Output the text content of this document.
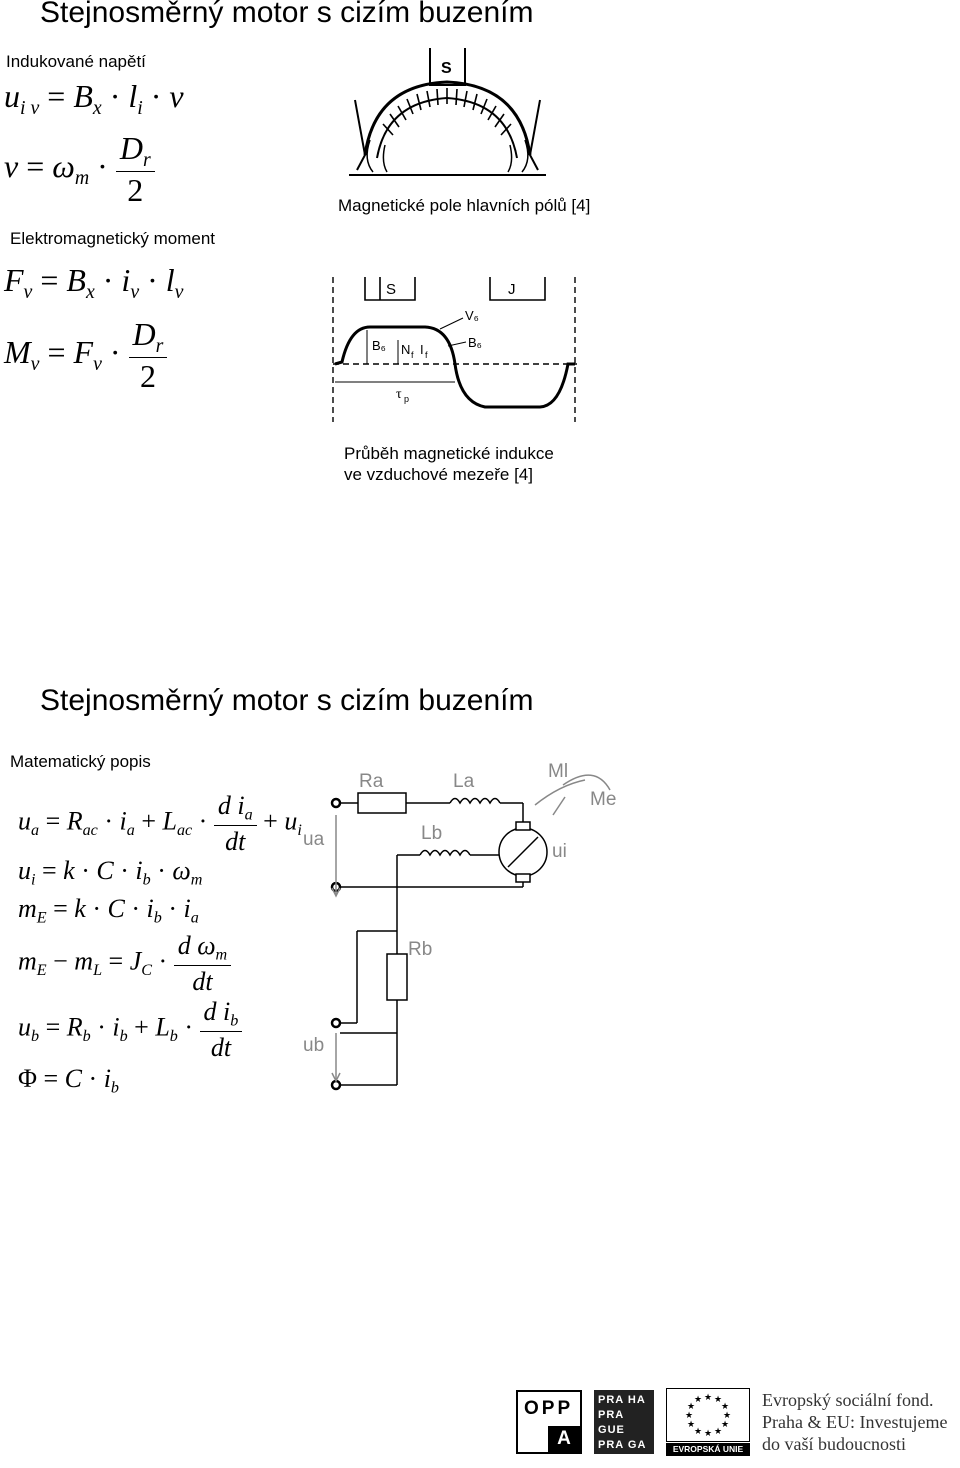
Stejnosměrný motor s cizím buzením
Indukované napětí
$u_{i v} = B_x \cdot l_i \cdot v$
$v = \omega_m \cdot \frac{D_r}{2}$
Elektromagnetický moment
$F_v = B_x \cdot i_v \cdot l_v$
$M_v = F_v \cdot \frac{D_r}{2}$
S
Magnetické pole hlavních pólů [4]
S	J
B₆ N f I f
τ p
V₆
B₆
Průběh magnetické indukce
ve vzduchové mezeře [4]
Stejnosměrný motor s cizím buzením
Matematický popis
$u_a = R_{ac} \cdot i_a + L_{ac} \cdot \frac{d i_a}{dt} + u_i$
$u_i = k \cdot C \cdot i_b \cdot \omega_m$
$m_E = k \cdot C \cdot i_b \cdot i_a$
$m_E - m_L = J_C \cdot \frac{d \omega_m}{dt}$
$u_b = R_b \cdot i_b + L_b \cdot \frac{d i_b}{dt}$
$\Phi = C \cdot i_b$
Ra	La
ua	Lb
ui
Ml
Me
Rb
ub
OPP
A
PRA HA
PRA GUE
PRA GA
PRA G
★ ★
★
★
★
★
★
★
★
★
★
★
EVROPSKÁ UNIE
Evropský sociální fond.
Praha & EU: Investujeme
do vaší budoucnosti
